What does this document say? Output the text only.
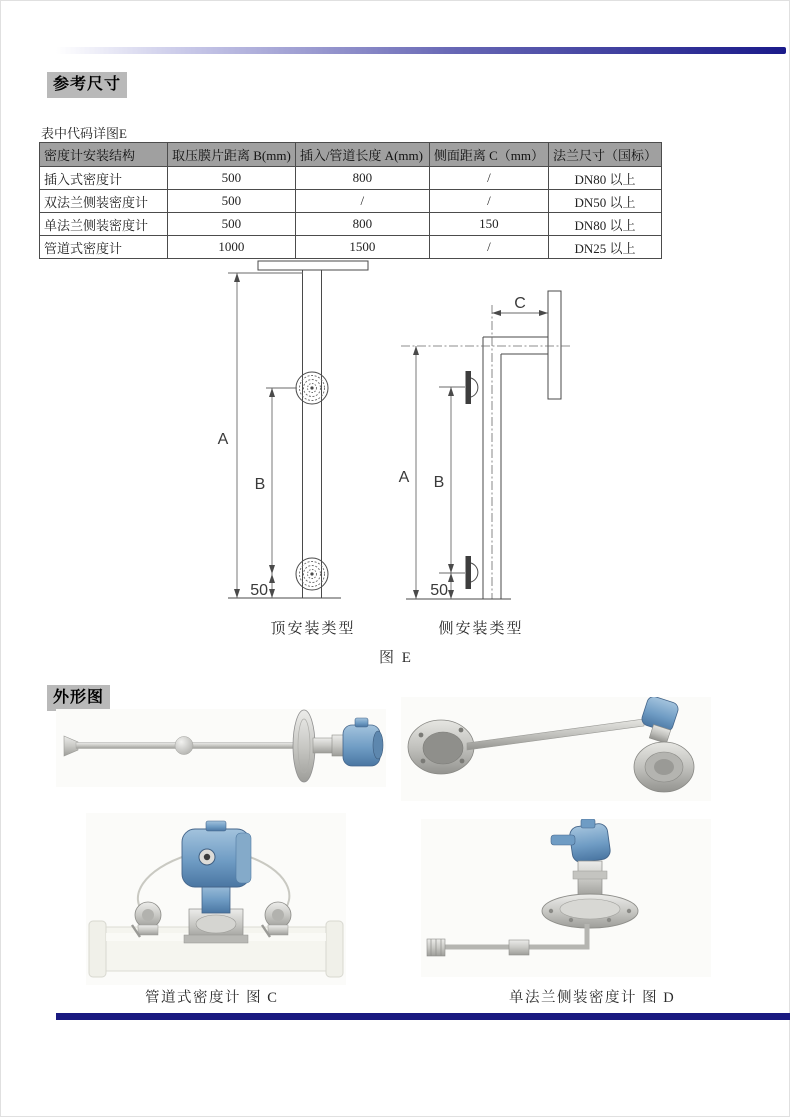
参考尺寸
表中代码详图E
密度计安装结构	取压膜片距离 B(mm)	插入/管道长度 A(mm)	侧面距离 C（mm）	法兰尺寸（国标）
插入式密度计	500	800	/	DN80 以上
双法兰侧装密度计	500	/	/	DN50 以上
单法兰侧装密度计	500	800	150	DN80 以上
管道式密度计	1000	1500	/	DN25 以上
A
B
50
顶安装类型
C
A B
50
侧安装类型
图 E
外形图
管道式密度计 图 C	单法兰侧装密度计 图 D
